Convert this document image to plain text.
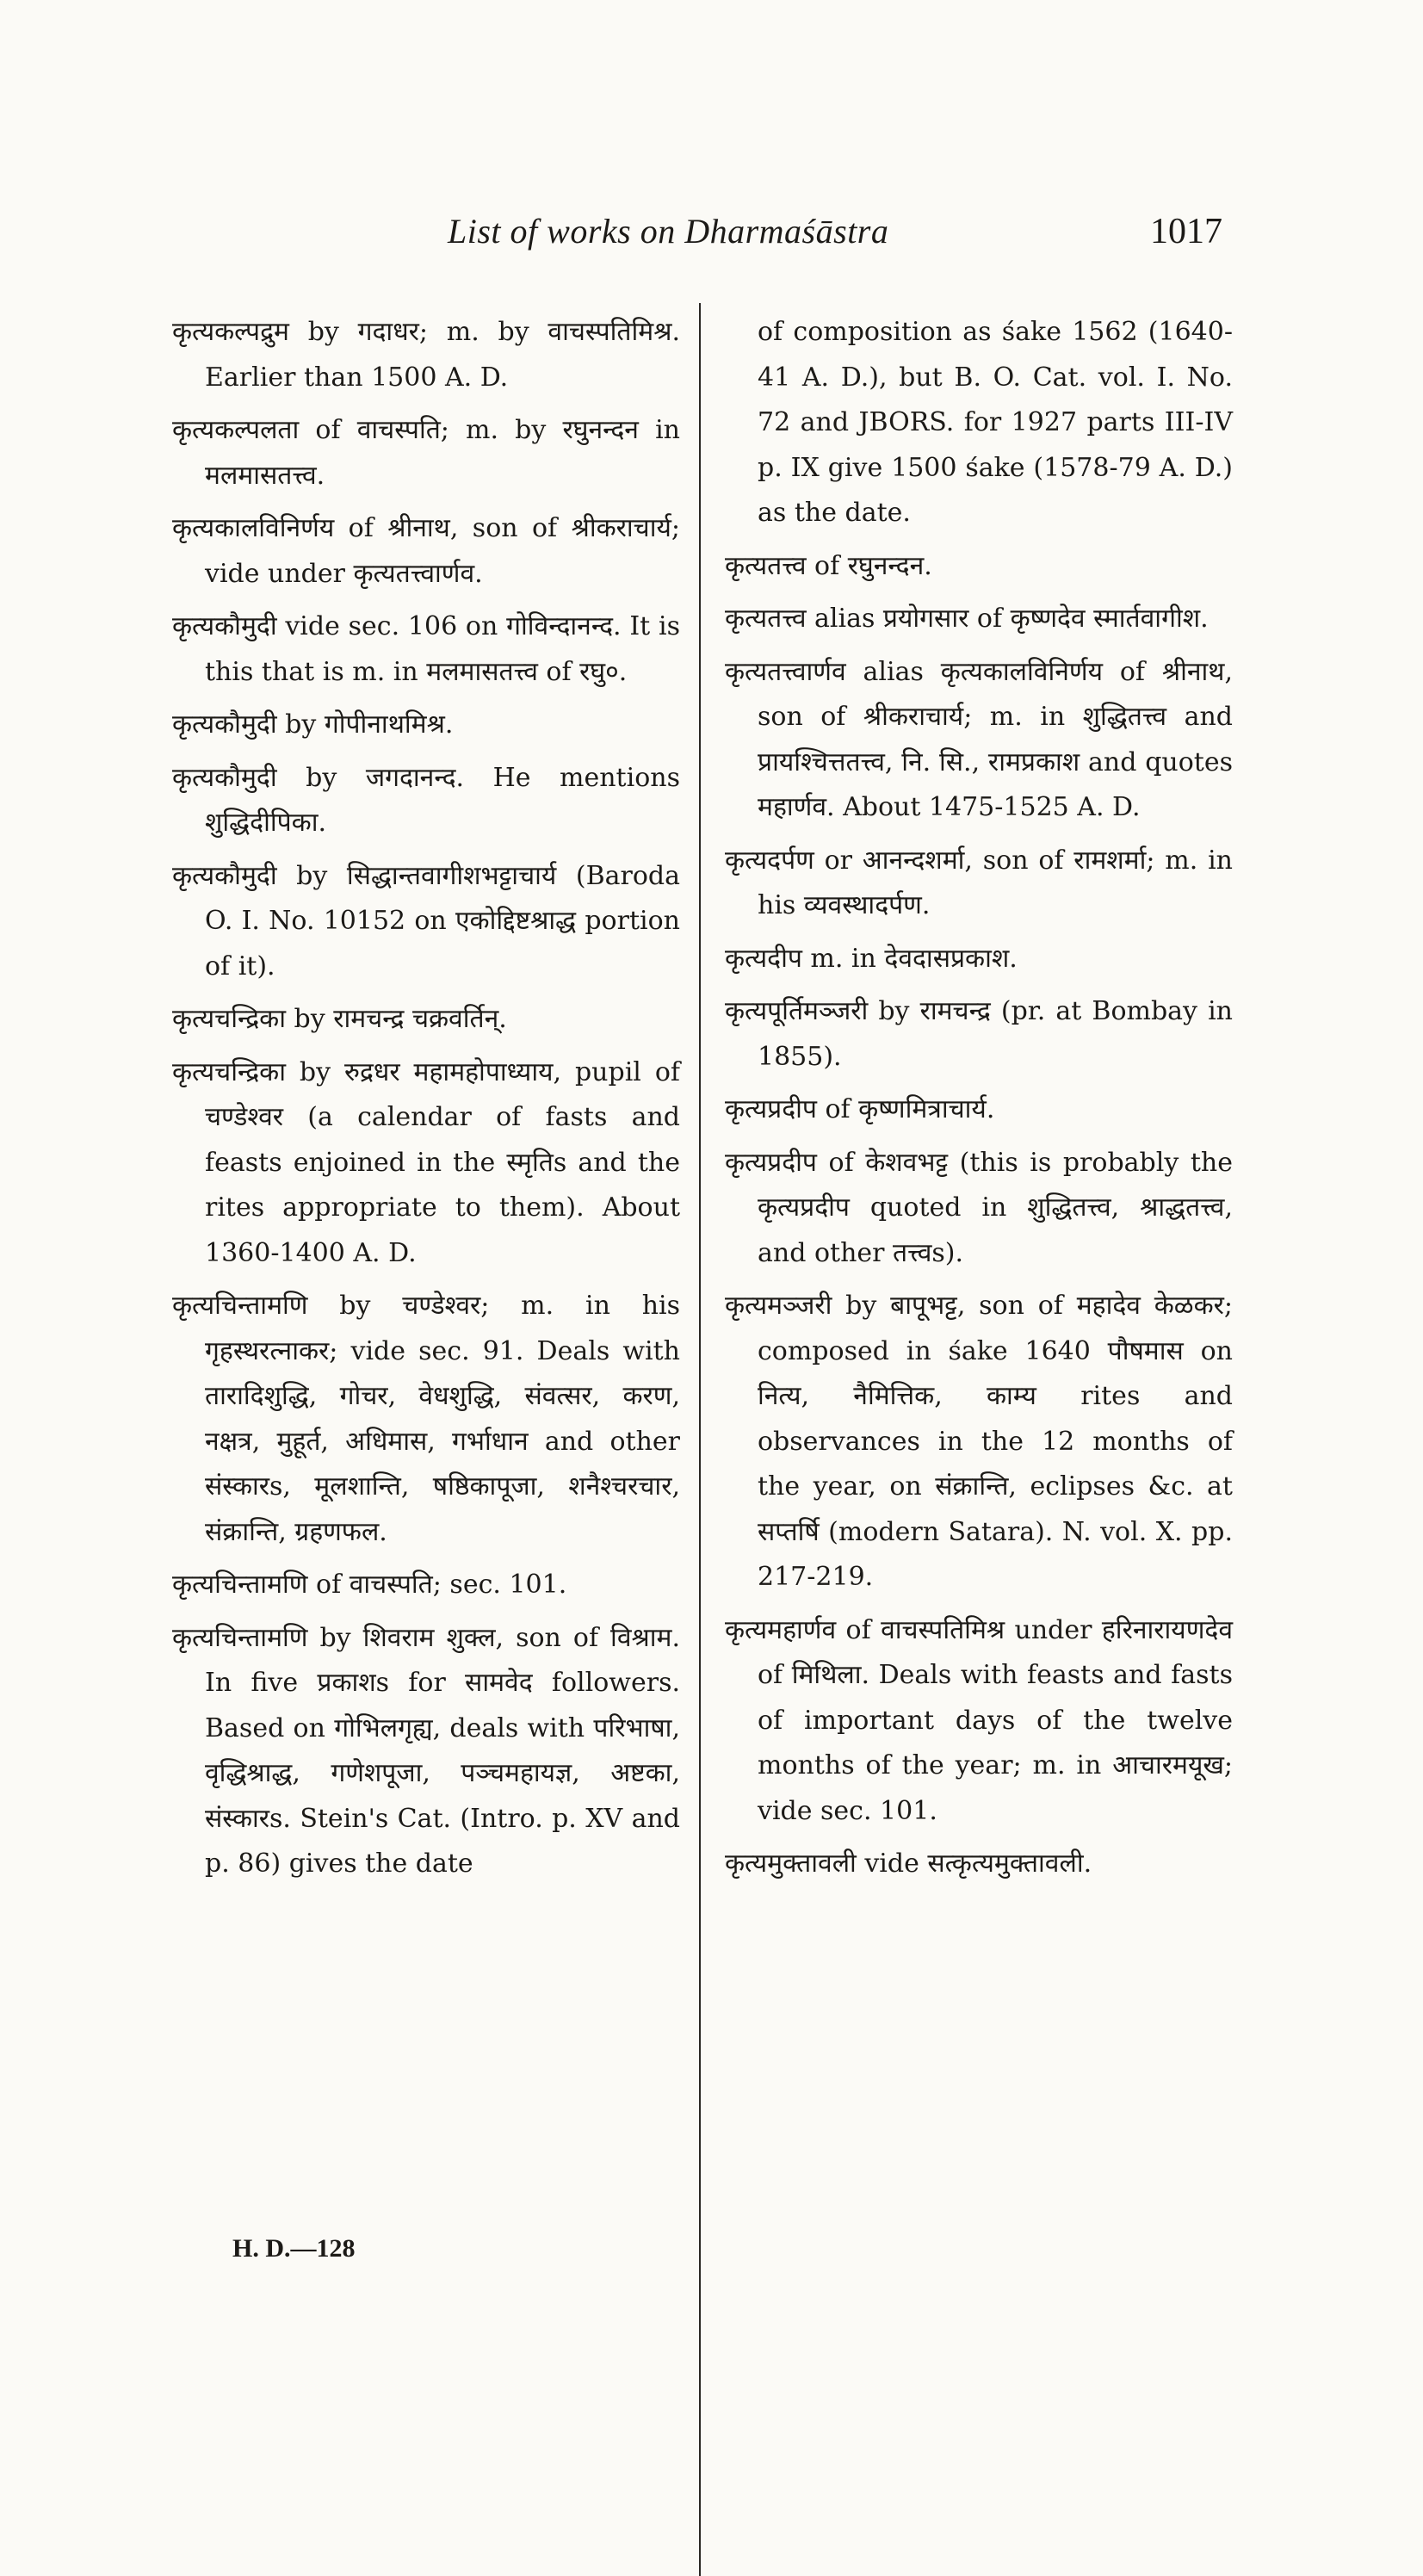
List of works on Dharmaśāstra	1017

कृत्यकल्पद्रुम by गदाधर; m. by वाचस्पतिमिश्र. Earlier than 1500 A. D.

कृत्यकल्पलता of वाचस्पति; m. by रघुनन्दन in मलमासतत्त्व.

कृत्यकालविनिर्णय of श्रीनाथ, son of श्रीकराचार्य; vide under कृत्यतत्त्वार्णव.

कृत्यकौमुदी vide sec. 106 on गोविन्दानन्द. It is this that is m. in मलमासतत्त्व of रघु०.

कृत्यकौमुदी by गोपीनाथमिश्र.

कृत्यकौमुदी by जगदानन्द. He mentions शुद्धिदीपिका.

कृत्यकौमुदी by सिद्धान्तवागीशभट्टाचार्य (Baroda O. I. No. 10152 on एकोद्दिष्टश्राद्ध portion of it).

कृत्यचन्द्रिका by रामचन्द्र चक्रवर्तिन्.

कृत्यचन्द्रिका by रुद्रधर महामहोपाध्याय, pupil of चण्डेश्वर (a calendar of fasts and feasts enjoined in the स्मृतिs and the rites appropriate to them). About 1360-1400 A. D.

कृत्यचिन्तामणि by चण्डेश्वर; m. in his गृहस्थरत्नाकर; vide sec. 91. Deals with तारादिशुद्धि, गोचर, वेधशुद्धि, संवत्सर, करण, नक्षत्र, मुहूर्त, अधिमास, गर्भाधान and other संस्कारs, मूलशान्ति, षष्ठिकापूजा, शनैश्चरचार, संक्रान्ति, ग्रहणफल.

कृत्यचिन्तामणि of वाचस्पति; sec. 101.

कृत्यचिन्तामणि by शिवराम शुक्ल, son of विश्राम. In five प्रकाशs for सामवेद followers. Based on गोभिलगृह्य, deals with परिभाषा, वृद्धिश्राद्ध, गणेशपूजा, पञ्चमहायज्ञ, अष्टका, संस्कारs. Stein's Cat. (Intro. p. XV and p. 86) gives the date

of composition as śake 1562 (1640-41 A. D.), but B. O. Cat. vol. I. No. 72 and JBORS. for 1927 parts III-IV p. IX give 1500 śake (1578-79 A. D.) as the date.

कृत्यतत्त्व of रघुनन्दन.

कृत्यतत्त्व alias प्रयोगसार of कृष्णदेव स्मार्तवागीश.

कृत्यतत्त्वार्णव alias कृत्यकालविनिर्णय of श्रीनाथ, son of श्रीकराचार्य; m. in शुद्धितत्त्व and प्रायश्चित्ततत्त्व, नि. सि., रामप्रकाश and quotes महार्णव. About 1475-1525 A. D.

कृत्यदर्पण or आनन्दशर्मा, son of रामशर्मा; m. in his व्यवस्थादर्पण.

कृत्यदीप m. in देवदासप्रकाश.

कृत्यपूर्तिमञ्जरी by रामचन्द्र (pr. at Bombay in 1855).

कृत्यप्रदीप of कृष्णमित्राचार्य.

कृत्यप्रदीप of केशवभट्ट (this is probably the कृत्यप्रदीप quoted in शुद्धितत्त्व, श्राद्धतत्त्व, and other तत्त्वs).

कृत्यमञ्जरी by बापूभट्ट, son of महादेव केळकर; composed in śake 1640 पौषमास on नित्य, नैमित्तिक, काम्य rites and observances in the 12 months of the year, on संक्रान्ति, eclipses &c. at सप्तर्षि (modern Satara). N. vol. X. pp. 217-219.

कृत्यमहार्णव of वाचस्पतिमिश्र under हरिनारायणदेव of मिथिला. Deals with feasts and fasts of important days of the twelve months of the year; m. in आचारमयूख; vide sec. 101.

कृत्यमुक्तावली vide सत्कृत्यमुक्तावली.

H. D.—128
